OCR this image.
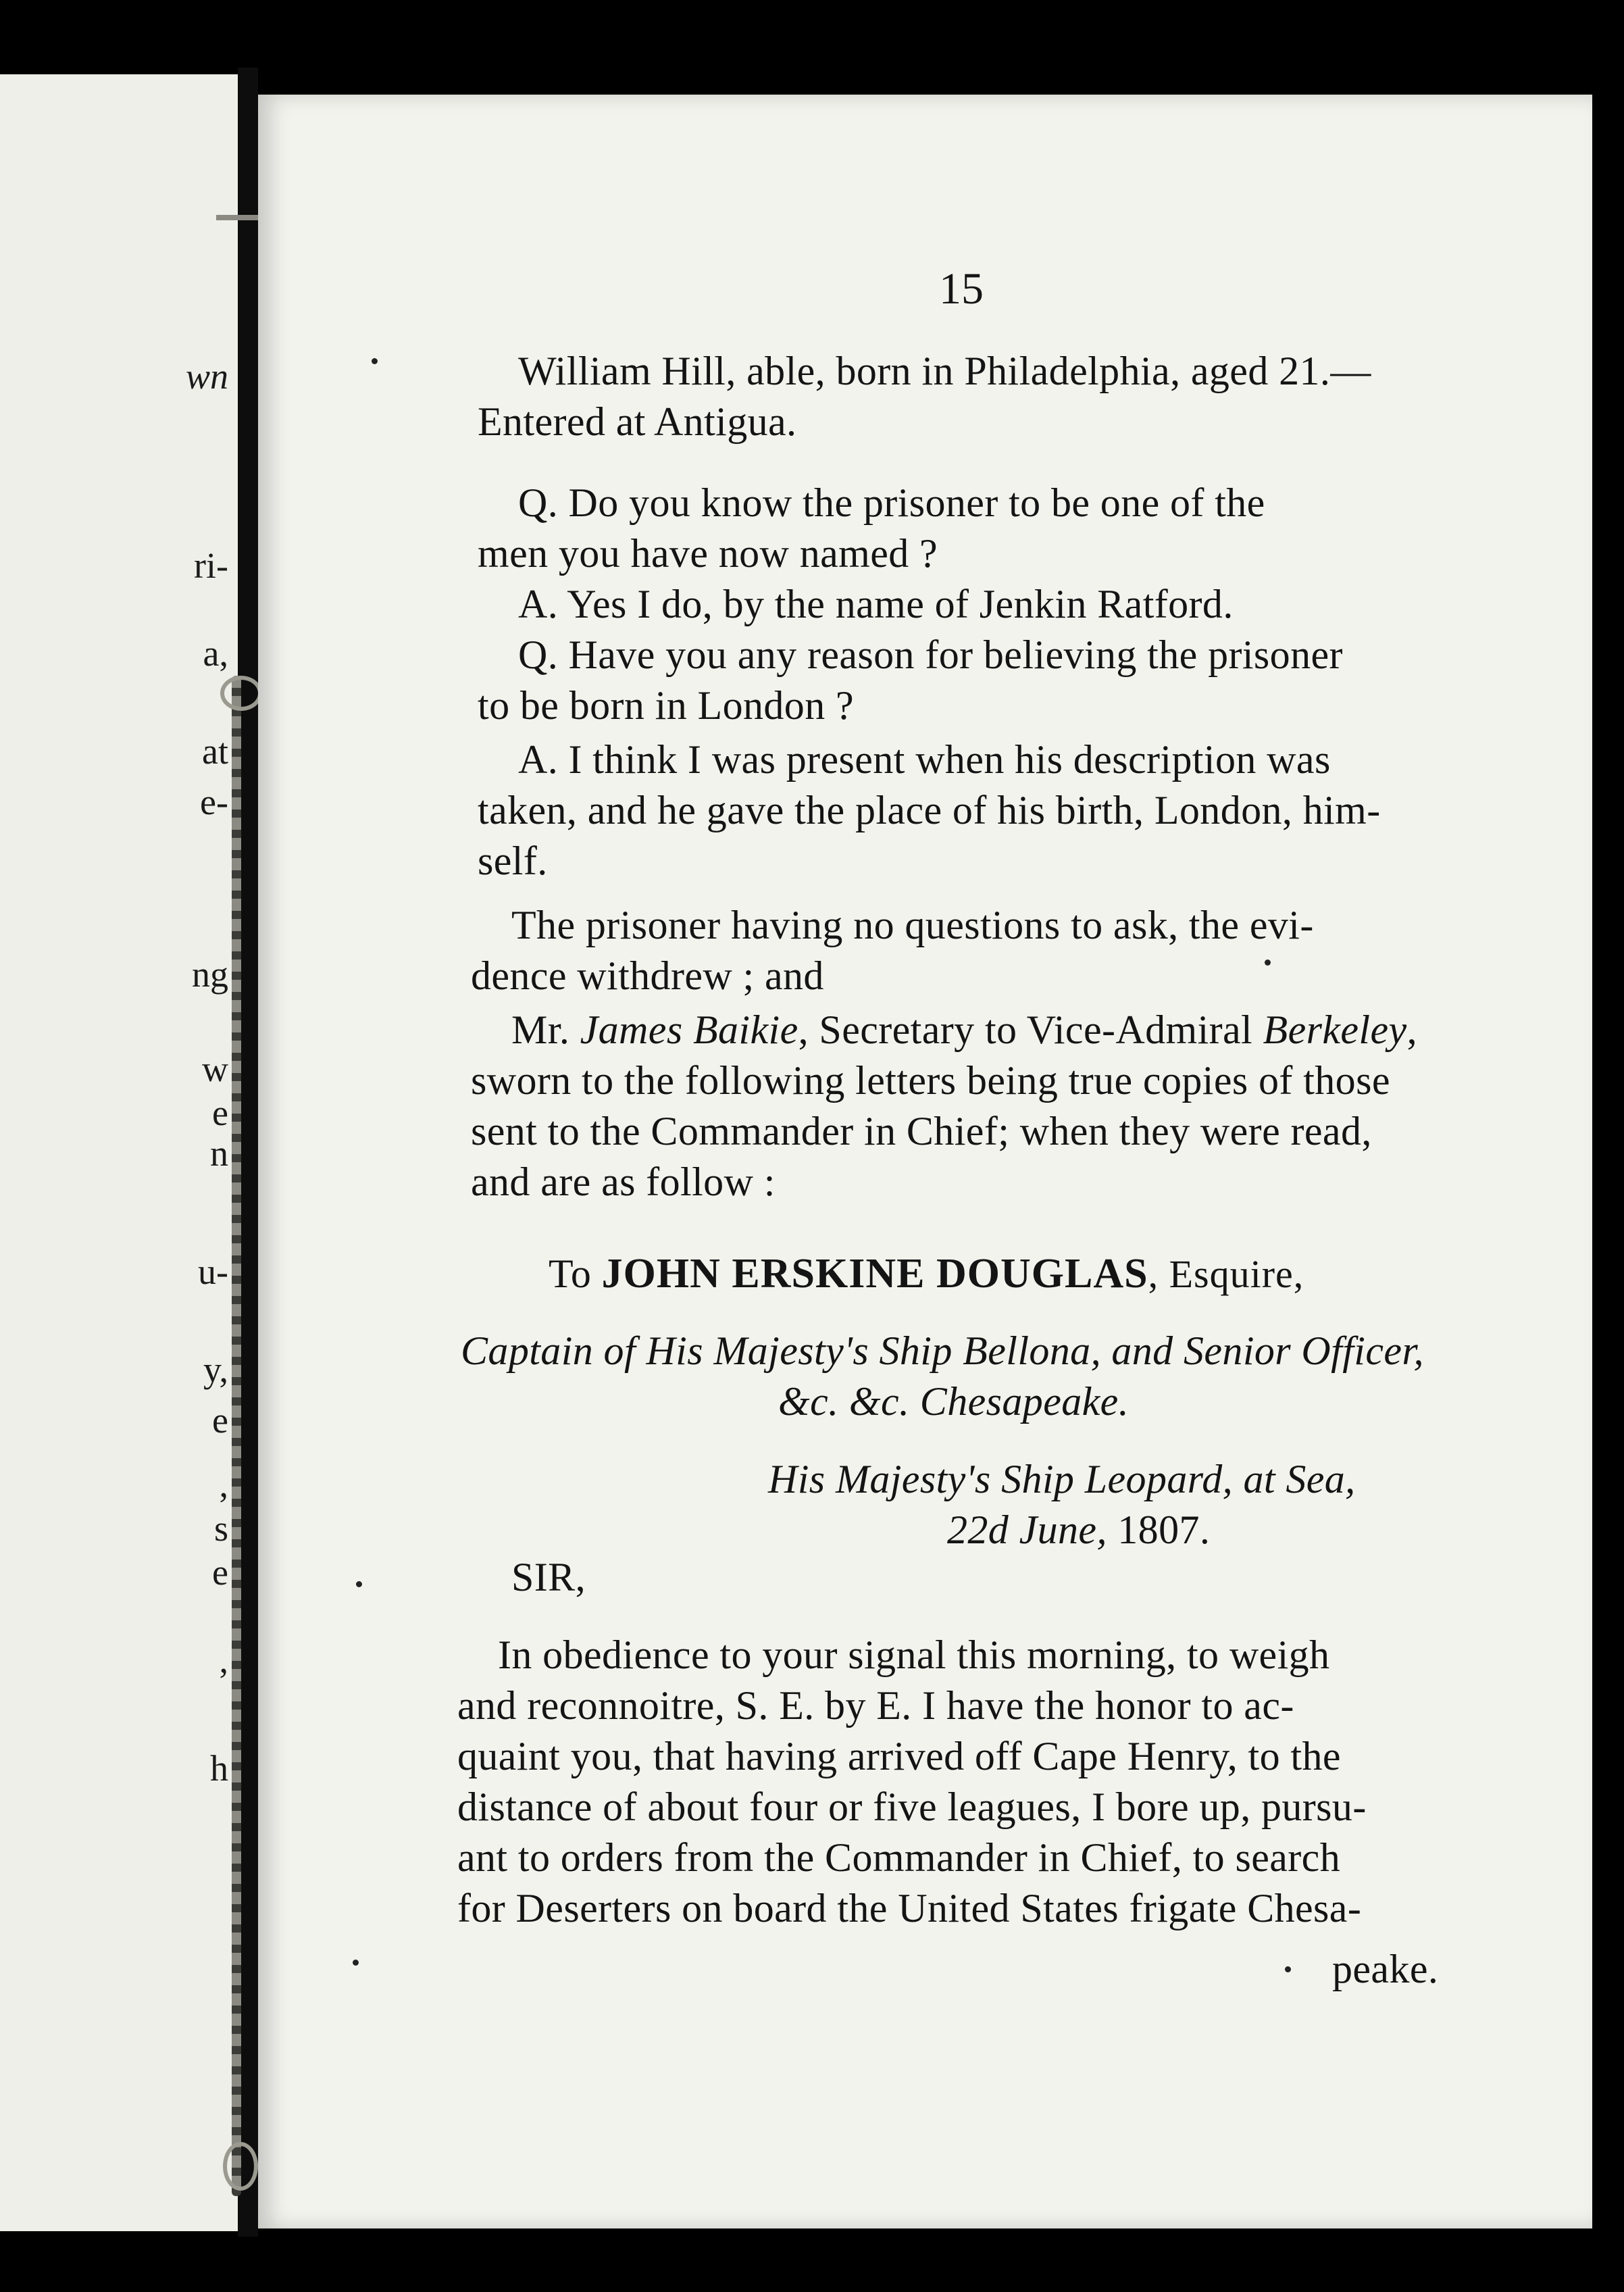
wn
ri-
a,
at
e-
ng
w
e
n
u-
y,
e
,
s
e
,
h
15
William Hill, able, born in Philadelphia, aged 21.—
Entered at Antigua.
Q. Do you know the prisoner to be one of the
men you have now named ?
A. Yes I do, by the name of Jenkin Ratford.
Q. Have you any reason for believing the prisoner
to be born in London ?
A. I think I was present when his description was
taken, and he gave the place of his birth, London, him-
self.
The prisoner having no questions to ask, the evi-
dence withdrew ; and
Mr. James Baikie, Secretary to Vice-Admiral Berkeley,
sworn to the following letters being true copies of those
sent to the Commander in Chief; when they were read,
and are as follow :
To JOHN ERSKINE DOUGLAS, Esquire,
Captain of His Majesty's Ship Bellona, and Senior Officer,
&c. &c. Chesapeake.
His Majesty's Ship Leopard, at Sea,
22d June, 1807.
SIR,
In obedience to your signal this morning, to weigh
and reconnoitre, S. E. by E. I have the honor to ac-
quaint you, that having arrived off Cape Henry, to the
distance of about four or five leagues, I bore up, pursu-
ant to orders from the Commander in Chief, to search
for Deserters on board the United States frigate Chesa-
peake.
